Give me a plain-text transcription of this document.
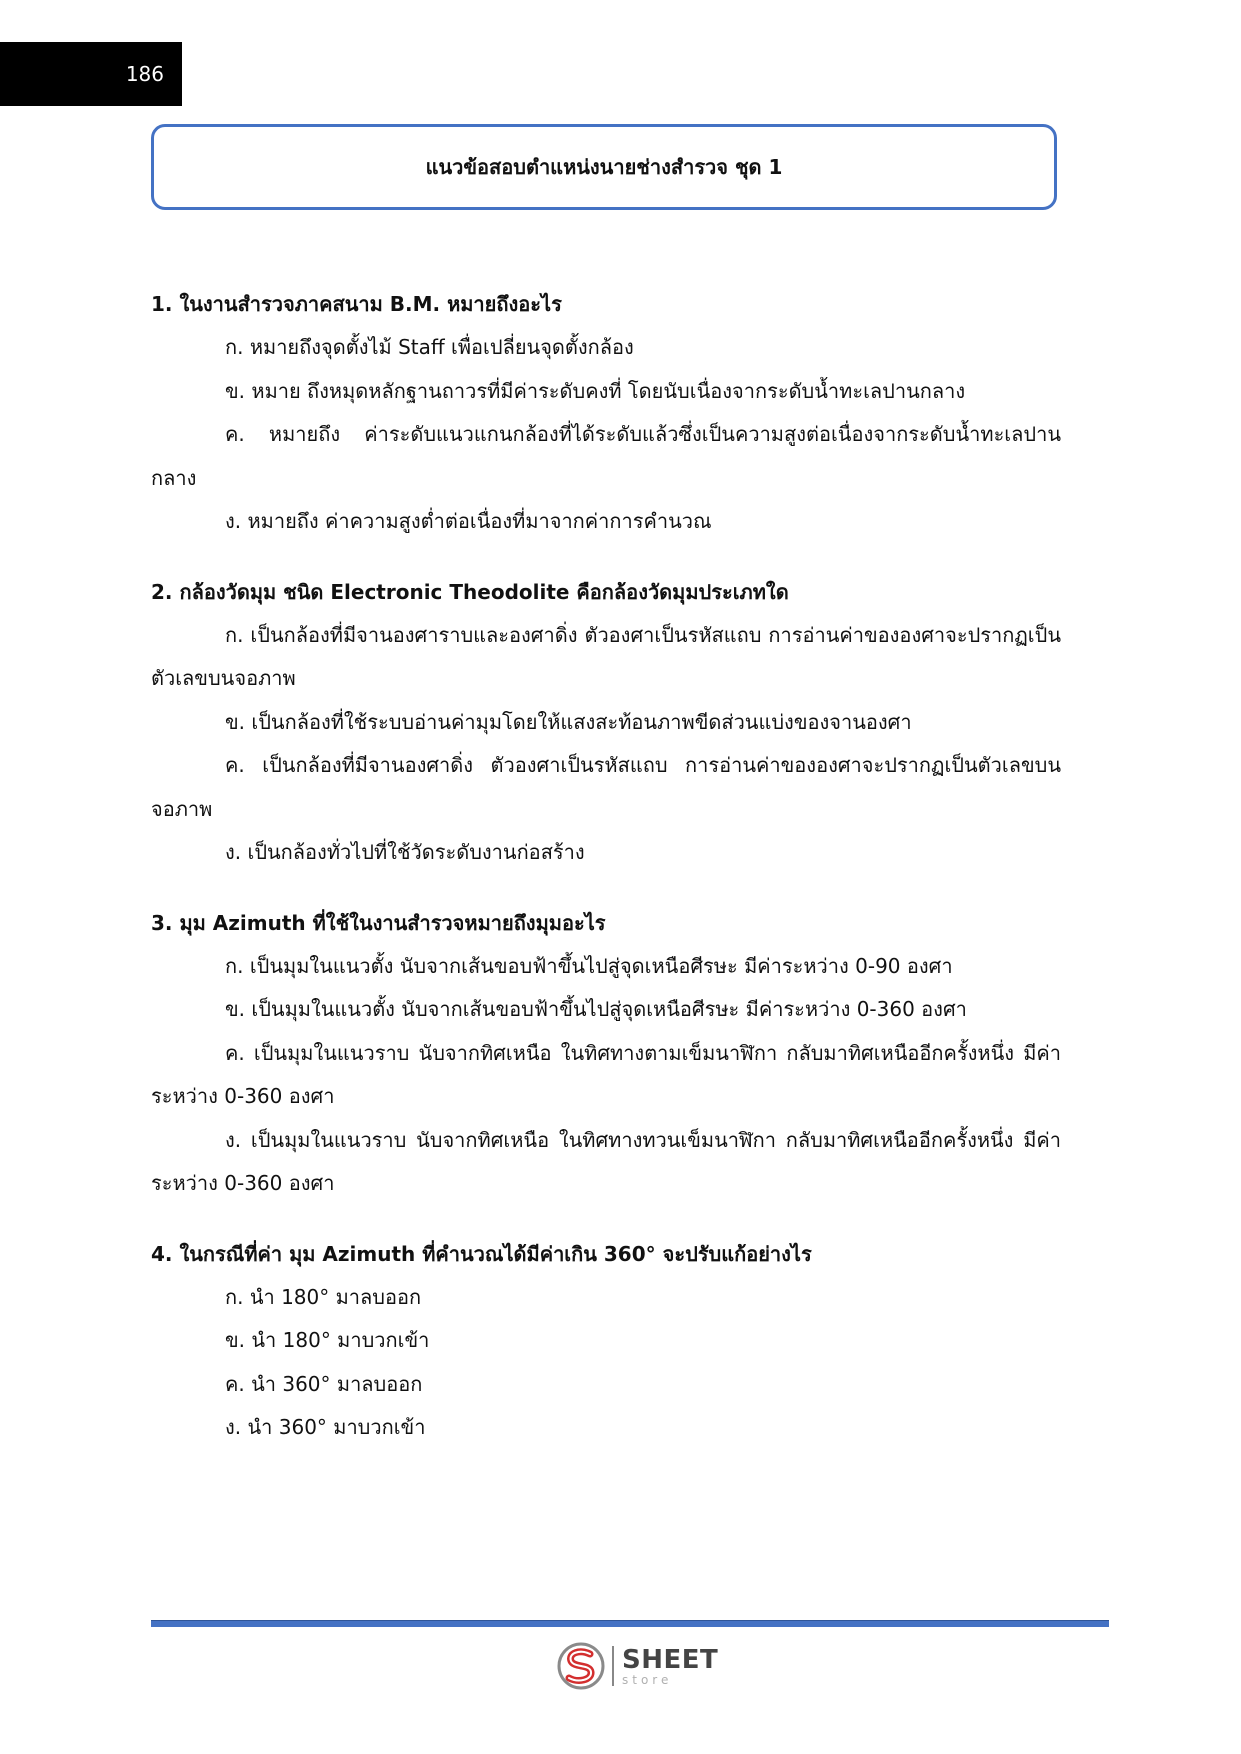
186
แนวข้อสอบตำแหน่งนายช่างสำรวจ ชุด 1

1. ในงานสำรวจภาคสนาม B.M. หมายถึงอะไร

ก. หมายถึงจุดตั้งไม้ Staff เพื่อเปลี่ยนจุดตั้งกล้อง

ข. หมาย ถึงหมุดหลักฐานถาวรที่มีค่าระดับคงที่ โดยนับเนื่องจากระดับน้ำทะเลปานกลาง

ค. หมายถึง ค่าระดับแนวแกนกล้องที่ได้ระดับแล้วซึ่งเป็นความสูงต่อเนื่องจากระดับน้ำทะเลปานกลาง

ง. หมายถึง ค่าความสูงต่ำต่อเนื่องที่มาจากค่าการคำนวณ

2. กล้องวัดมุม ชนิด Electronic Theodolite คือกล้องวัดมุมประเภทใด

ก. เป็นกล้องที่มีจานองศาราบและองศาดิ่ง ตัวองศาเป็นรหัสแถบ การอ่านค่าขององศาจะปรากฏเป็นตัวเลขบนจอภาพ

ข. เป็นกล้องที่ใช้ระบบอ่านค่ามุมโดยให้แสงสะท้อนภาพขีดส่วนแบ่งของจานองศา

ค. เป็นกล้องที่มีจานองศาดิ่ง ตัวองศาเป็นรหัสแถบ การอ่านค่าขององศาจะปรากฏเป็นตัวเลขบนจอภาพ

ง. เป็นกล้องทั่วไปที่ใช้วัดระดับงานก่อสร้าง

3. มุม Azimuth ที่ใช้ในงานสำรวจหมายถึงมุมอะไร

ก. เป็นมุมในแนวตั้ง นับจากเส้นขอบฟ้าขึ้นไปสู่จุดเหนือศีรษะ มีค่าระหว่าง 0-90 องศา

ข. เป็นมุมในแนวตั้ง นับจากเส้นขอบฟ้าขึ้นไปสู่จุดเหนือศีรษะ มีค่าระหว่าง 0-360 องศา

ค. เป็นมุมในแนวราบ นับจากทิศเหนือ ในทิศทางตามเข็มนาฬิกา กลับมาทิศเหนืออีกครั้งหนึ่ง มีค่าระหว่าง 0-360 องศา

ง. เป็นมุมในแนวราบ นับจากทิศเหนือ ในทิศทางทวนเข็มนาฬิกา กลับมาทิศเหนืออีกครั้งหนึ่ง มีค่าระหว่าง 0-360 องศา

4. ในกรณีที่ค่า มุม Azimuth ที่คำนวณได้มีค่าเกิน 360° จะปรับแก้อย่างไร

ก. นำ 180° มาลบออก

ข. นำ 180° มาบวกเข้า

ค. นำ 360° มาลบออก

ง. นำ 360° มาบวกเข้า

SHEET
store
